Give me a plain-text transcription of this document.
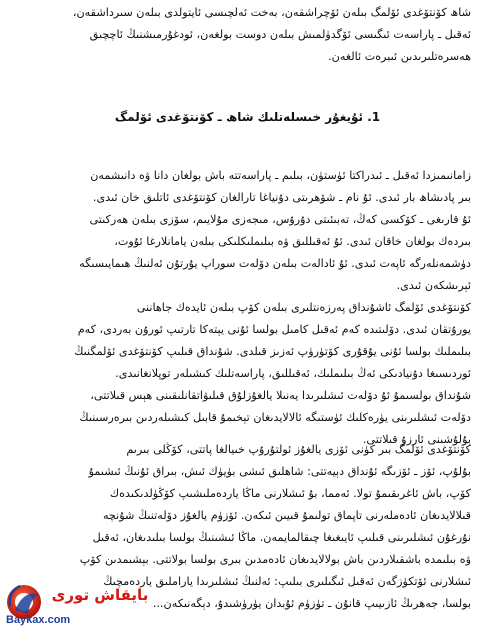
شاھ كۆنتۆغدى ئۆلمگ بىلەن ئۆچراشقەن، بەخت ئەلچىسى ئايتولدى بىلەن سىرداشقەن،

ئەقىل ـ پاراسەت ئىگىسى ئۆگدۈلمىش بىلەن دوست بولغەن، ئودغۇرمىشنىڭ ئاچچىق

ھەسرەتلىرىدىن ئىبرەت ئالغەن.

1. ئۇيغۇر خىسلەتلىك شاھ ـ كۆنتۆغدى ئۆلمگ

زامانىمىزدا ئەقىل ـ ئىدراكتا ئۈستۈن، بىلىم ـ پاراسەتتە باش بولغان دانا ۋە دانىشمەن

بىر پادىشاھ بار ئىدى. ئۇ نام ـ شۆھرىتى دۇنياغا تارالغان كۆنتۆغدى ئاتلىق خان ئىدى.

ئۇ قارىغى ـ كۆكسى كەڭ، تەبىئىتى دۇرۇس، مىجەزى مۇلايىم، سۆزى بىلەن ھەركىتى

بىردەك بولغان خاقان ئىدى. ئۇ ئەقىللىق ۋە بىلىملىكلىكى بىلەن يامانلارغا ئۇوت،

دۈشمەنلەرگە ئاپەت ئىدى. ئۇ ئادالەت بىلەن دۆلەت سوراپ يۇرتۇن ئەلنىڭ ھىمايىسىگە

ئېرىشكەن ئىدى.

كۆنتۆغدى ئۆلمگ ئاشۇنداق پەرزەنتلىرى بىلەن كۆپ بىلەن ئايدەك جاھاننى

يورۇتقان ئىدى. دۆلىتىدە كەم ئەقىل كامىل بولسا ئۇنى يېتەكا تارتىپ ئورۇن بەردى، كەم

بىلىملىك بولسا ئۇنى يۇقۇرى كۆتۈرۈپ ئەزىز قىلدى. شۇنداق قىلىپ كۆنتۆغدى ئۆلمگنىڭ

ئوردىسىغا دۇنيادىكى ئەڭ بىلىملىك، ئەقىللىق، پاراسەتلىك كىشىلەر توپلانغانىدى.

شۇنداق بولسىمۇ ئۇ دۆلەت ئىشلىرىدا يەنىلا يالغۇزلۇق قىلىۋاتقانلىقىنى ھېس قىلاتتى،

دۆلەت ئىشلىرىنى يۈرەكلىك ئۈستىگە ئالالايدىغان تېخىمۇ قابىل كىشىلەردىن بىرەرسىنىڭ

بۇلۇشىنى ئارزۇ قىلاتتى.

كۆنتۆغدى ئۆلمگ بىر كۈنى ئۆزى يالغۇز ئولتۇرۇپ خىيالغا پاتتى، كۆڭلى بىرىم

بۇلۇپ، ئۆز ـ ئۆزىگە ئۇنداق دېيەتتى: شاھلىق ئىشى بۈيۈك ئىش، بىراق ئۇنىڭ ئىشىمۇ

كۆپ، باش ئاغرىقىمۇ تولا. ئەمما، بۇ ئىشلارنى ماڭا ياردەملىشىپ كۆڭۈلدىكىدەك

قىلالايدىغان ئادەملەرنى تاپماق تولىمۇ قىيىن ئىكەن. ئۆزۈم يالغۇز دۆلەتنىڭ شۇنچە

نۇرغۇن ئىشلىرىنى قىلىپ ئايىغىغا چىقالمايمەن. ماڭا ئىشىنىڭ بولسا بىلىدىغان، ئەقىل

ۋە بىلىمدە باشقىلاردىن باش بولالايدىغان ئادەمدىن بىرى بولسا بولاتتى. بېشىمدىن كۆپ

ئىشلارنى ئۆتكۈزگەن ئەقىل ئىگىلىرى بىلىپ: ئەلنىڭ ئىشلىرىدا ياراملىق ياردەمچىڭ

بولسا، جەھرىڭ ئازىيىپ قانۇن ـ تۈزۈم ئۇبدان يۈرۈشىدۇ، دېگەنىكەن...

بايقاش تورى
Baykax.com
